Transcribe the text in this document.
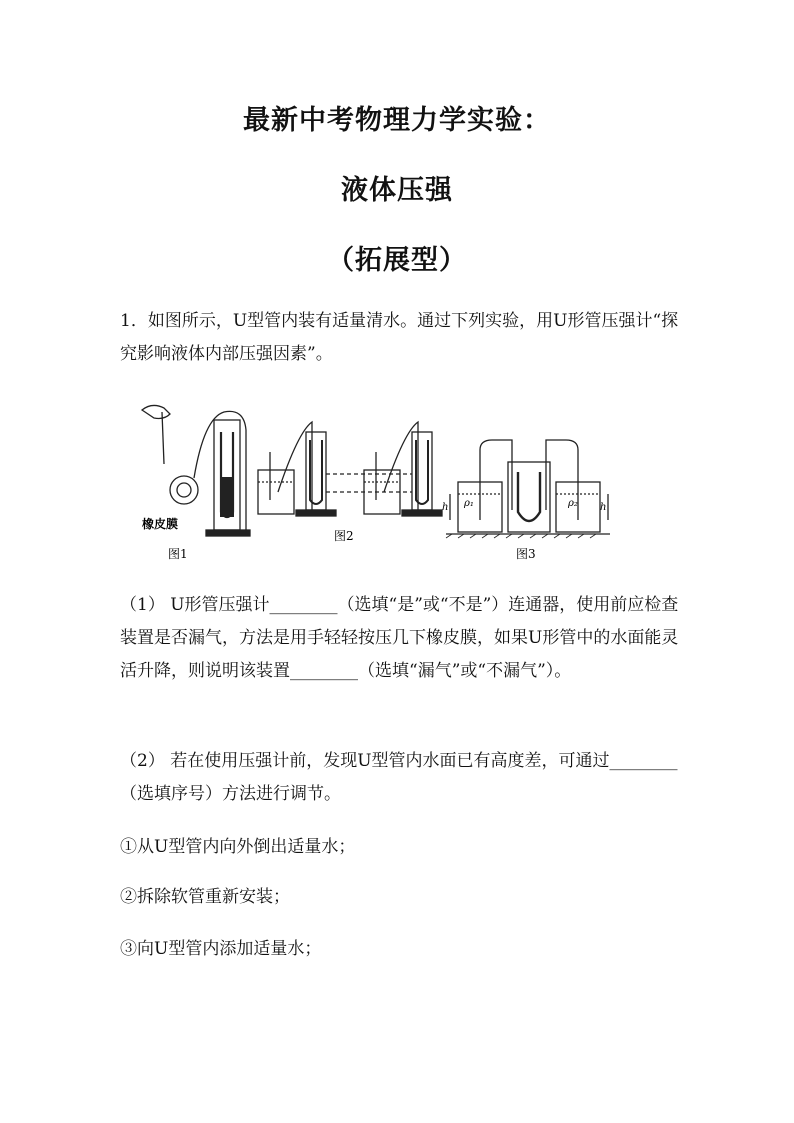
最新中考物理力学实验：
液体压强
（拓展型）

1．如图所示，U型管内装有适量清水。通过下列实验，用U形管压强计“探究影响液体内部压强因素”。

橡皮膜
图1
图2
图3
h	h
ρ₁	ρ₂

（1） U形管压强计________（选填“是”或“不是”）连通器，使用前应检查装置是否漏气，方法是用手轻轻按压几下橡皮膜，如果U形管中的水面能灵活升降，则说明该装置________（选填“漏气”或“不漏气”）。

（2） 若在使用压强计前，发现U型管内水面已有高度差，可通过________（选填序号）方法进行调节。

①从U型管内向外倒出适量水；
②拆除软管重新安装；
③向U型管内添加适量水；
